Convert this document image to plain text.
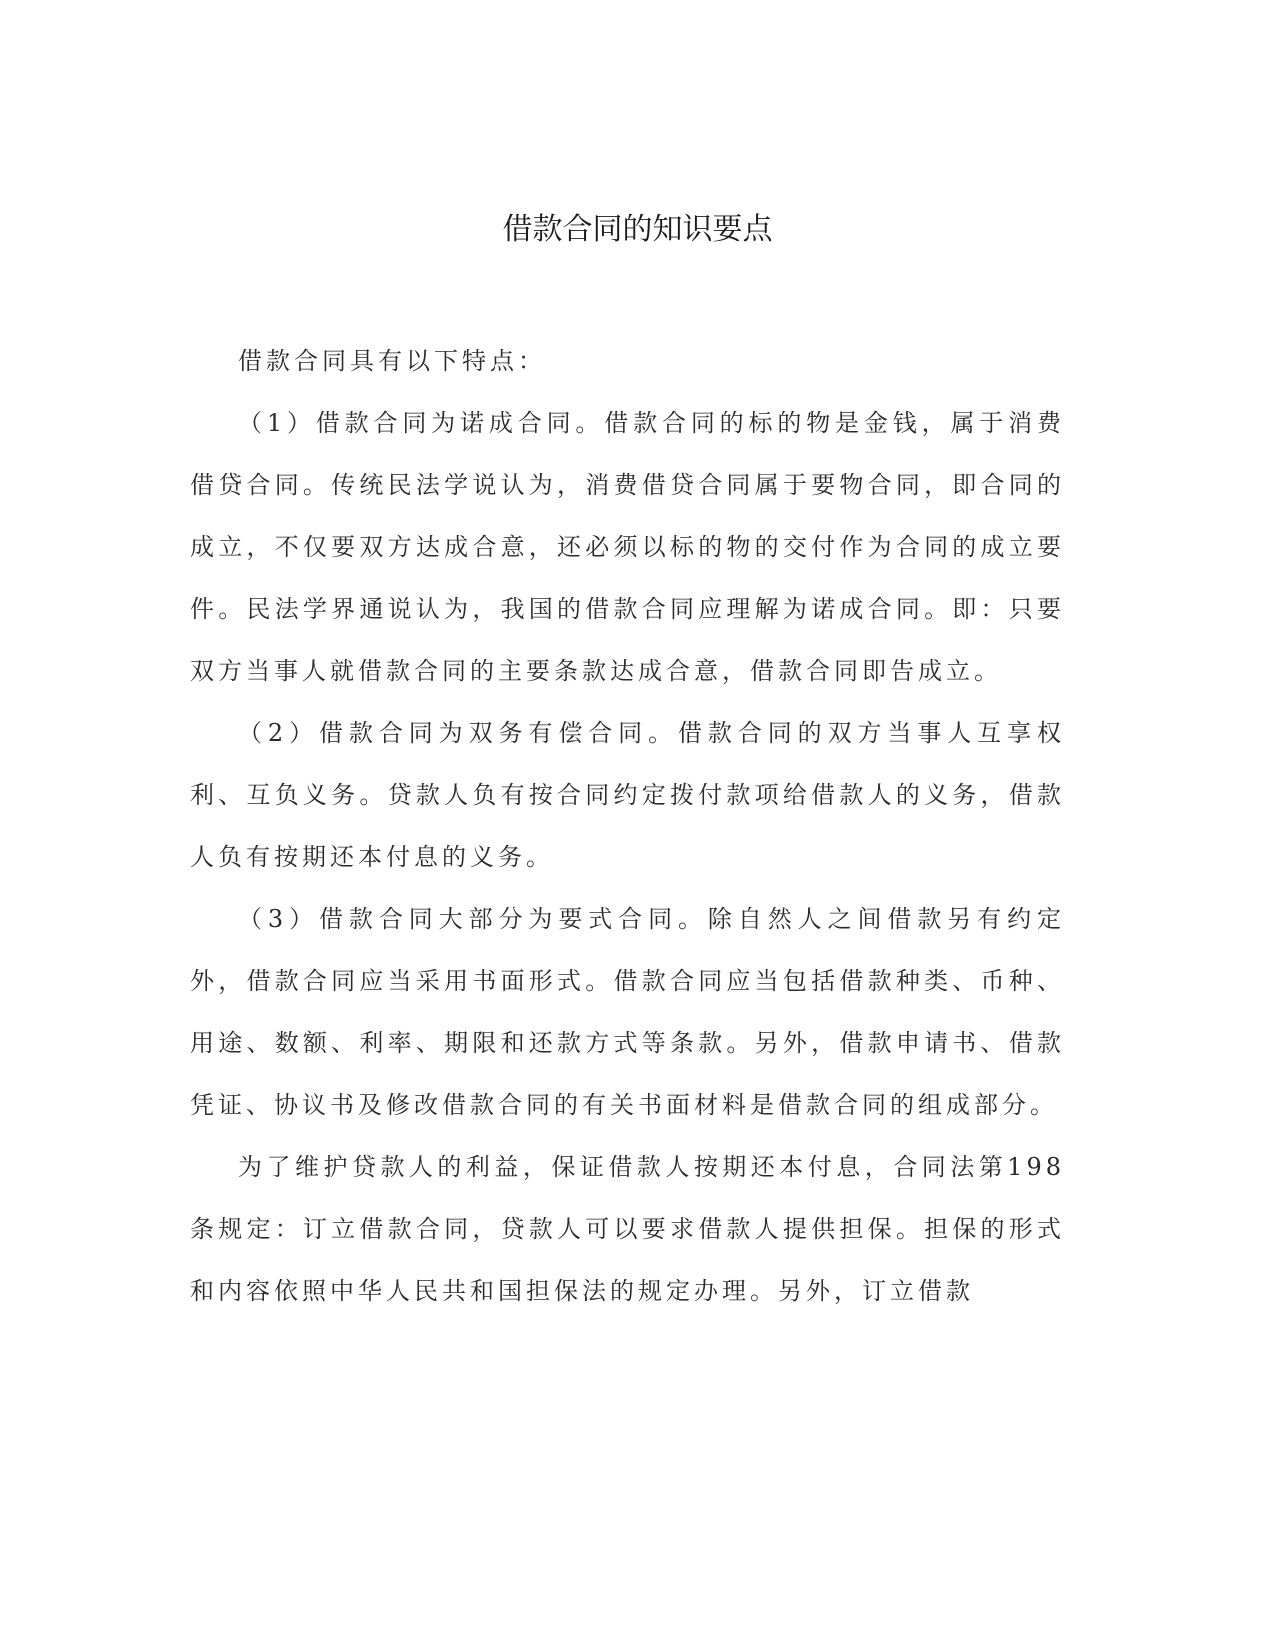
借款合同的知识要点

借款合同具有以下特点：

（1）借款合同为诺成合同。借款合同的标的物是金钱，属于消费借贷合同。传统民法学说认为，消费借贷合同属于要物合同，即合同的成立，不仅要双方达成合意，还必须以标的物的交付作为合同的成立要件。民法学界通说认为，我国的借款合同应理解为诺成合同。即：只要双方当事人就借款合同的主要条款达成合意，借款合同即告成立。

（2）借款合同为双务有偿合同。借款合同的双方当事人互享权利、互负义务。贷款人负有按合同约定拨付款项给借款人的义务，借款人负有按期还本付息的义务。

（3）借款合同大部分为要式合同。除自然人之间借款另有约定外，借款合同应当采用书面形式。借款合同应当包括借款种类、币种、用途、数额、利率、期限和还款方式等条款。另外，借款申请书、借款凭证、协议书及修改借款合同的有关书面材料是借款合同的组成部分。

为了维护贷款人的利益，保证借款人按期还本付息，合同法第198条规定：订立借款合同，贷款人可以要求借款人提供担保。担保的形式和内容依照中华人民共和国担保法的规定办理。另外，订立借款
